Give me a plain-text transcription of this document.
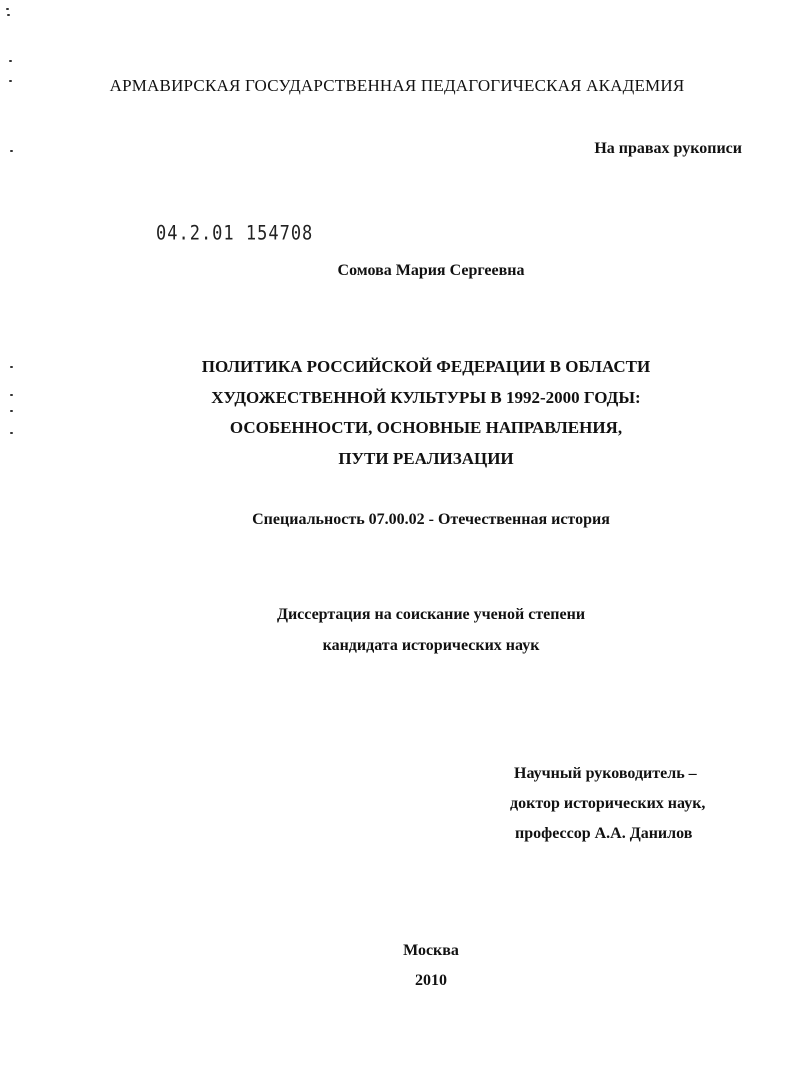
АРМАВИРСКАЯ ГОСУДАРСТВЕННАЯ ПЕДАГОГИЧЕСКАЯ АКАДЕМИЯ

На правах рукописи

04.2.01 154708

Сомова Мария Сергеевна

ПОЛИТИКА РОССИЙСКОЙ ФЕДЕРАЦИИ В ОБЛАСТИ
ХУДОЖЕСТВЕННОЙ КУЛЬТУРЫ В 1992-2000 ГОДЫ:
ОСОБЕННОСТИ, ОСНОВНЫЕ НАПРАВЛЕНИЯ,
ПУТИ РЕАЛИЗАЦИИ

Специальность 07.00.02 - Отечественная история

Диссертация на соискание ученой степени
кандидата исторических наук
Научный руководитель –
доктор исторических наук,
профессор А.А. Данилов

Москва

2010
